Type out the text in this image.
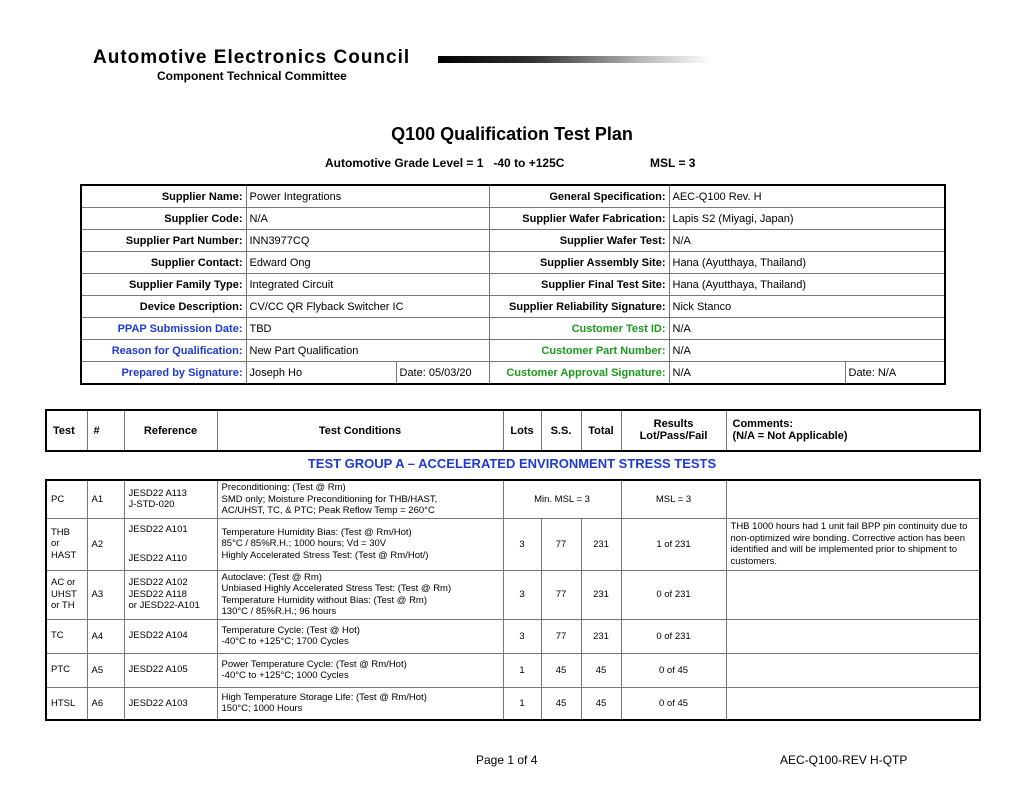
Automotive Electronics Council
Component Technical Committee
Q100 Qualification Test Plan
Automotive Grade Level = 1   -40 to +125C	MSL = 3
Supplier Name:	Power Integrations		General Specification:	AEC-Q100 Rev. H	
Supplier Code:	N/A		Supplier Wafer Fabrication:	Lapis S2 (Miyagi, Japan)	
Supplier Part Number:	INN3977CQ		Supplier Wafer Test:	N/A	
Supplier Contact:	Edward Ong		Supplier Assembly Site:	Hana (Ayutthaya, Thailand)	
Supplier Family Type:	Integrated Circuit		Supplier Final Test Site:	Hana (Ayutthaya, Thailand)	
Device Description:	CV/CC QR Flyback Switcher IC		Supplier Reliability Signature:	Nick Stanco	
PPAP Submission Date:	TBD		Customer Test ID:	N/A	
Reason for Qualification:	New Part Qualification		Customer Part Number:	N/A	
Prepared by Signature:	Joseph Ho	Date: 05/03/20	Customer Approval Signature:	N/A	Date: N/A
Test	#	Reference	Test Conditions	Lots	S.S.	Total	Results
Lot/Pass/Fail	Comments:
(N/A = Not Applicable)
TEST GROUP A – ACCELERATED ENVIRONMENT STRESS TESTS
PC	A1	JESD22 A113
J-STD-020	Preconditioning: (Test @ Rm)
SMD only; Moisture Preconditioning for THB/HAST,
AC/UHST, TC, & PTC; Peak Reflow Temp = 260°C	Min. MSL = 3			MSL = 3	
THB
or
HAST	A2	JESD22 A101
JESD22 A110	Temperature Humidity Bias: (Test @ Rm/Hot)
85°C / 85%R.H.; 1000 hours; Vd = 30V
Highly Accelerated Stress Test: (Test @ Rm/Hot/)	3	77	231	1 of 231	THB 1000 hours had 1 unit fail BPP pin continuity due to non-optimized wire bonding. Corrective action has been identified and will be implemented prior to shipment to customers.
AC or
UHST
or TH	A3	JESD22 A102
JESD22 A118
or JESD22-A101	Autoclave: (Test @ Rm)
Unbiased Highly Accelerated Stress Test: (Test @ Rm)
Temperature Humidity without Bias: (Test @ Rm)
130°C / 85%R.H.; 96 hours	3	77	231	0 of 231	
TC	A4	JESD22 A104	Temperature Cycle: (Test @ Hot)
-40°C to +125°C; 1700 Cycles	3	77	231	0 of 231	
PTC	A5	JESD22 A105	Power Temperature Cycle: (Test @ Rm/Hot)
-40°C to +125°C; 1000 Cycles	1	45	45	0 of 45	
HTSL	A6	JESD22 A103	High Temperature Storage Life: (Test @ Rm/Hot)
150°C; 1000 Hours	1	45	45	0 of 45	
Page 1 of 4	AEC-Q100-REV H-QTP
